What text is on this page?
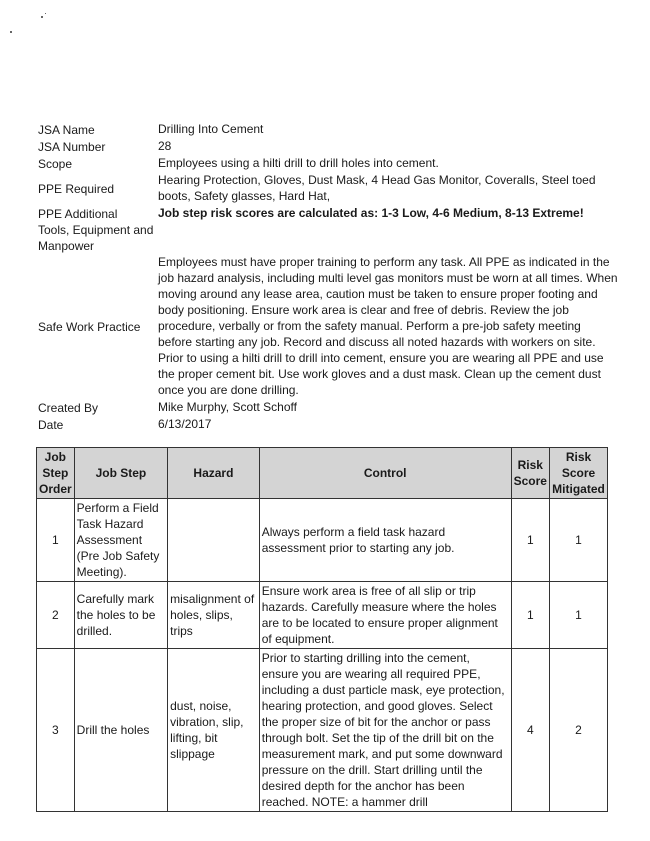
JSA Name	Drilling Into Cement
JSA Number	28
Scope	Employees using a hilti drill to drill holes into cement.
PPE Required	Hearing Protection, Gloves, Dust Mask, 4 Head Gas Monitor, Coveralls, Steel toed boots, Safety glasses, Hard Hat,
PPE Additional	Job step risk scores are calculated as: 1-3 Low, 4-6 Medium, 8-13 Extreme!
Tools, Equipment and Manpower	
Safe Work Practice	Employees must have proper training to perform any task. All PPE as indicated in the job hazard analysis, including multi level gas monitors must be worn at all times. When moving around any lease area, caution must be taken to ensure proper footing and body positioning. Ensure work area is clear and free of debris. Review the job procedure, verbally or from the safety manual. Perform a pre-job safety meeting before starting any job. Record and discuss all noted hazards with workers on site. Prior to using a hilti drill to drill into cement, ensure you are wearing all PPE and use the proper cement bit. Use work gloves and a dust mask. Clean up the cement dust once you are done drilling.
Created By	Mike Murphy, Scott Schoff
Date	6/13/2017
Job Step Order	Job Step	Hazard	Control	Risk Score	Risk Score Mitigated
1	Perform a Field Task Hazard Assessment (Pre Job Safety Meeting).		Always perform a field task hazard assessment prior to starting any job.	1	1
2	Carefully mark the holes to be drilled.	misalignment of holes, slips, trips	Ensure work area is free of all slip or trip hazards. Carefully measure where the holes are to be located to ensure proper alignment of equipment.	1	1
3	Drill the holes	dust, noise, vibration, slip, lifting, bit slippage	Prior to starting drilling into the cement, ensure you are wearing all required PPE, including a dust particle mask, eye protection, hearing protection, and good gloves. Select the proper size of bit for the anchor or pass through bolt. Set the tip of the drill bit on the measurement mark, and put some downward pressure on the drill. Start drilling until the desired depth for the anchor has been reached. NOTE: a hammer drill	4	2
